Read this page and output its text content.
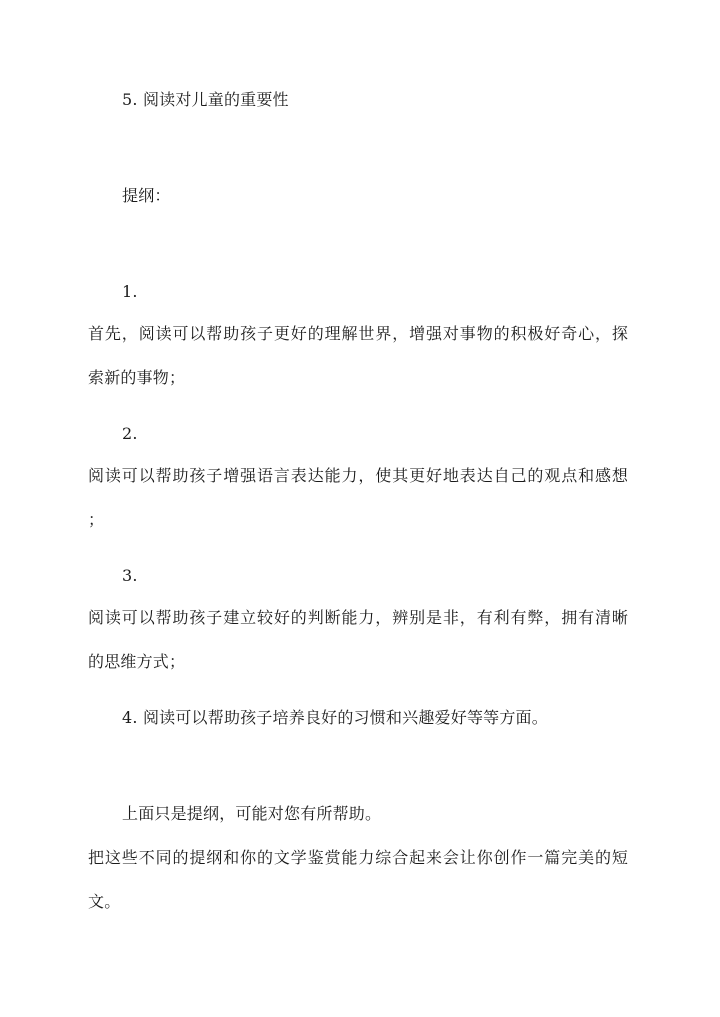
5. 阅读对儿童的重要性
提纲：
1.
首先，阅读可以帮助孩子更好的理解世界，增强对事物的积极好奇心，探
索新的事物；
2.
阅读可以帮助孩子增强语言表达能力，使其更好地表达自己的观点和感想
；
3.
阅读可以帮助孩子建立较好的判断能力，辨别是非，有利有弊，拥有清晰
的思维方式；
4. 阅读可以帮助孩子培养良好的习惯和兴趣爱好等等方面。
上面只是提纲，可能对您有所帮助。
把这些不同的提纲和你的文学鉴赏能力综合起来会让你创作一篇完美的短
文。
